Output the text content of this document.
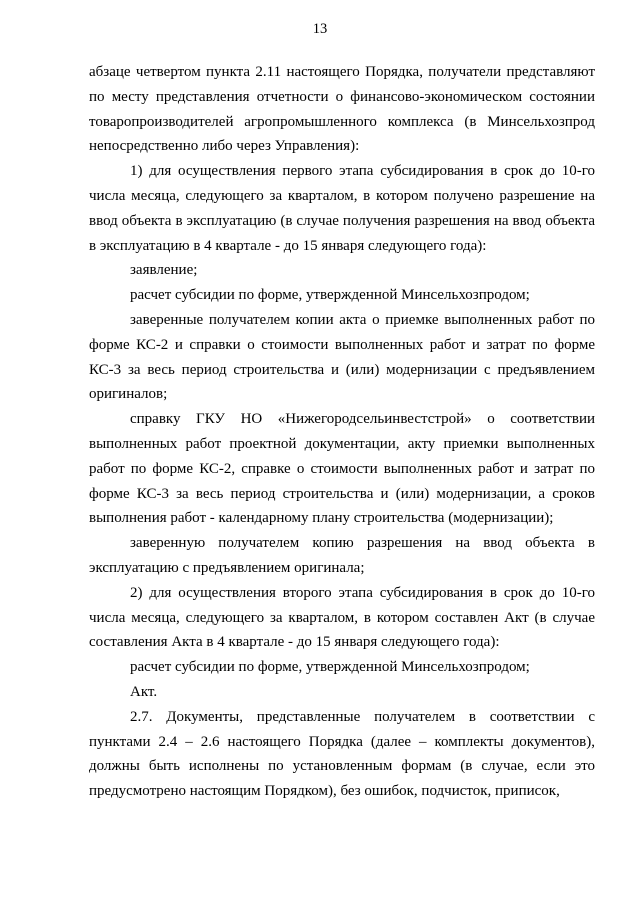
13

абзаце четвертом пункта 2.11 настоящего Порядка, получатели представляют по месту представления отчетности о финансово-экономическом состоянии товаропроизводителей агропромышленного комплекса (в Минсельхозпрод непосредственно либо через Управления):

1) для осуществления первого этапа субсидирования в срок до 10-го числа месяца, следующего за кварталом, в котором получено разрешение на ввод объекта в эксплуатацию (в случае получения разрешения на ввод объекта в эксплуатацию в 4 квартале - до 15 января следующего года):

заявление;

расчет субсидии по форме, утвержденной Минсельхозпродом;

заверенные получателем копии акта о приемке выполненных работ по форме КС-2 и справки о стоимости выполненных работ и затрат по форме КС-3 за весь период строительства и (или) модернизации с предъявлением оригиналов;

справку ГКУ НО «Нижегородсельинвестстрой» о соответствии выполненных работ проектной документации, акту приемки выполненных работ по форме КС-2, справке о стоимости выполненных работ и затрат по форме КС-3 за весь период строительства и (или) модернизации, а сроков выполнения работ - календарному плану строительства (модернизации);

заверенную получателем копию разрешения на ввод объекта в эксплуатацию с предъявлением оригинала;

2) для осуществления второго этапа субсидирования в срок до 10-го числа месяца, следующего за кварталом, в котором составлен Акт (в случае составления Акта в 4 квартале - до 15 января следующего года):

расчет субсидии по форме, утвержденной Минсельхозпродом;

Акт.

2.7. Документы, представленные получателем в соответствии с пунктами 2.4 – 2.6 настоящего Порядка (далее – комплекты документов), должны быть исполнены по установленным формам (в случае, если это предусмотрено настоящим Порядком), без ошибок, подчисток, приписок,
